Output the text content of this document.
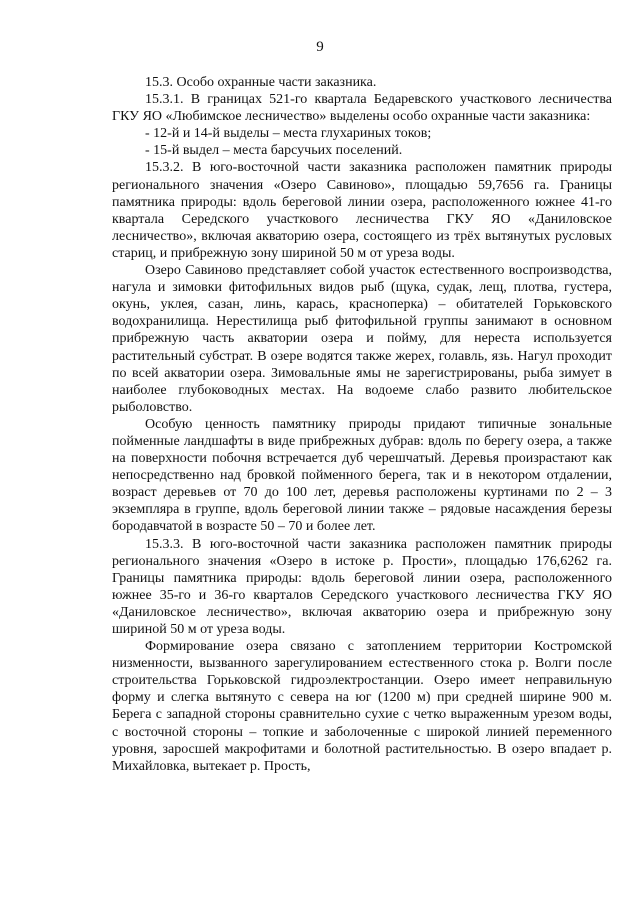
9

15.3. Особо охранные части заказника.

15.3.1. В границах 521-го квартала Бедаревского участкового лесничества ГКУ ЯО «Любимское лесничество» выделены особо охранные части заказника:

- 12-й и 14-й выделы – места глухариных токов;

- 15-й выдел – места барсучьих поселений.

15.3.2. В юго-восточной части заказника расположен памятник природы регионального значения «Озеро Савиново», площадью 59,7656 га. Границы памятника природы: вдоль береговой линии озера, расположенного южнее 41-го квартала Середского участкового лесничества ГКУ ЯО «Даниловское лесничество», включая акваторию озера, состоящего из трёх вытянутых русловых стариц, и прибрежную зону шириной 50 м от уреза воды.

Озеро Савиново представляет собой участок естественного воспроизводства, нагула и зимовки фитофильных видов рыб (щука, судак, лещ, плотва, густера, окунь, уклея, сазан, линь, карась, красноперка) – обитателей Горьковского водохранилища. Нерестилища рыб фитофильной группы занимают в основном прибрежную часть акватории озера и пойму, для нереста используется растительный субстрат. В озере водятся также жерех, голавль, язь. Нагул проходит по всей акватории озера. Зимовальные ямы не зарегистрированы, рыба зимует в наиболее глубоководных местах. На водоеме слабо развито любительское рыболовство.

Особую ценность памятнику природы придают типичные зональные пойменные ландшафты в виде прибрежных дубрав: вдоль по берегу озера, а также на поверхности побочня встречается дуб черешчатый. Деревья произрастают как непосредственно над бровкой пойменного берега, так и в некотором отдалении, возраст деревьев от 70 до 100 лет, деревья расположены куртинами по 2 – 3 экземпляра в группе, вдоль береговой линии также – рядовые насаждения березы бородавчатой в возрасте 50 – 70 и более лет.

15.3.3. В юго-восточной части заказника расположен памятник природы регионального значения «Озеро в истоке р. Прости», площадью 176,6262 га. Границы памятника природы: вдоль береговой линии озера, расположенного южнее 35-го и 36-го кварталов Середского участкового лесничества ГКУ ЯО «Даниловское лесничество», включая акваторию озера и прибрежную зону шириной 50 м от уреза воды.

Формирование озера связано с затоплением территории Костромской низменности, вызванного зарегулированием естественного стока р. Волги после строительства Горьковской гидроэлектростанции. Озеро имеет неправильную форму и слегка вытянуто с севера на юг (1200 м) при средней ширине 900 м. Берега с западной стороны сравнительно сухие с четко выраженным урезом воды, с восточной стороны – топкие и заболоченные с широкой линией переменного уровня, заросшей макрофитами и болотной растительностью. В озеро впадает р. Михайловка, вытекает р. Прость,
